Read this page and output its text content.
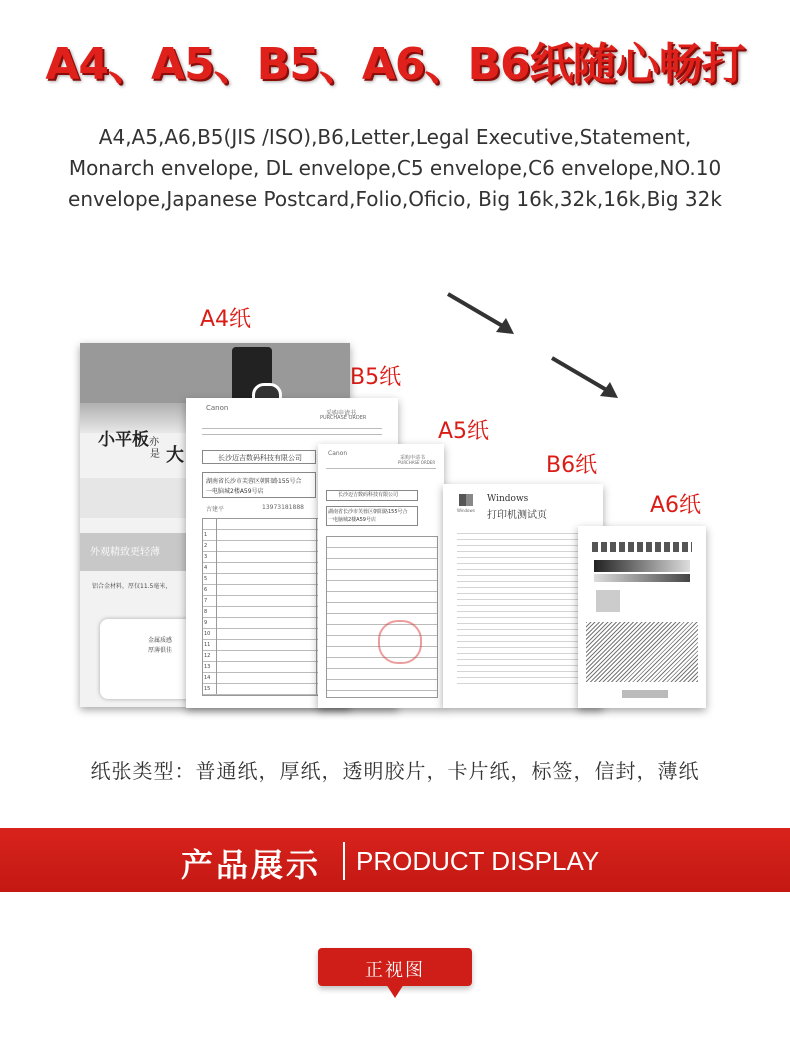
A4、A5、B5、A6、B6纸随心畅打
A4,A5,A6,B5(JIS /ISO),B6,Letter,Legal Executive,Statement,
Monarch envelope, DL envelope,C5 envelope,C6 envelope,NO.10
envelope,Japanese Postcard,Folio,Oficio, Big 16k,32k,16k,Big 32k
A4纸
B5纸
A5纸
B6纸
A6纸
小平板亦
是 大
外观精致更轻薄
铝合金材料，厚仅11.5毫米，
金属质感
厚薄俱佳
Canon
采购申请书
PURCHASE ORDER
长沙迈吉数码科技有限公司
湖南省长沙市芙蓉区朝阳路155号合
一电脑城2楼A59号店
古建平	13973181888
1
2
3
4
5
6
7
8
9
10
11
12
13
14
15
Canon
采购申请书
PURCHASE ORDER
长沙迈吉数码科技有限公司
湖南省长沙市芙蓉区朝阳路155号合
一电脑城2楼A59号店
Windows
Windows
打印机测试页
纸张类型：普通纸，厚纸，透明胶片，卡片纸，标签，信封，薄纸
产品展示 PRODUCT DISPLAY
正视图
